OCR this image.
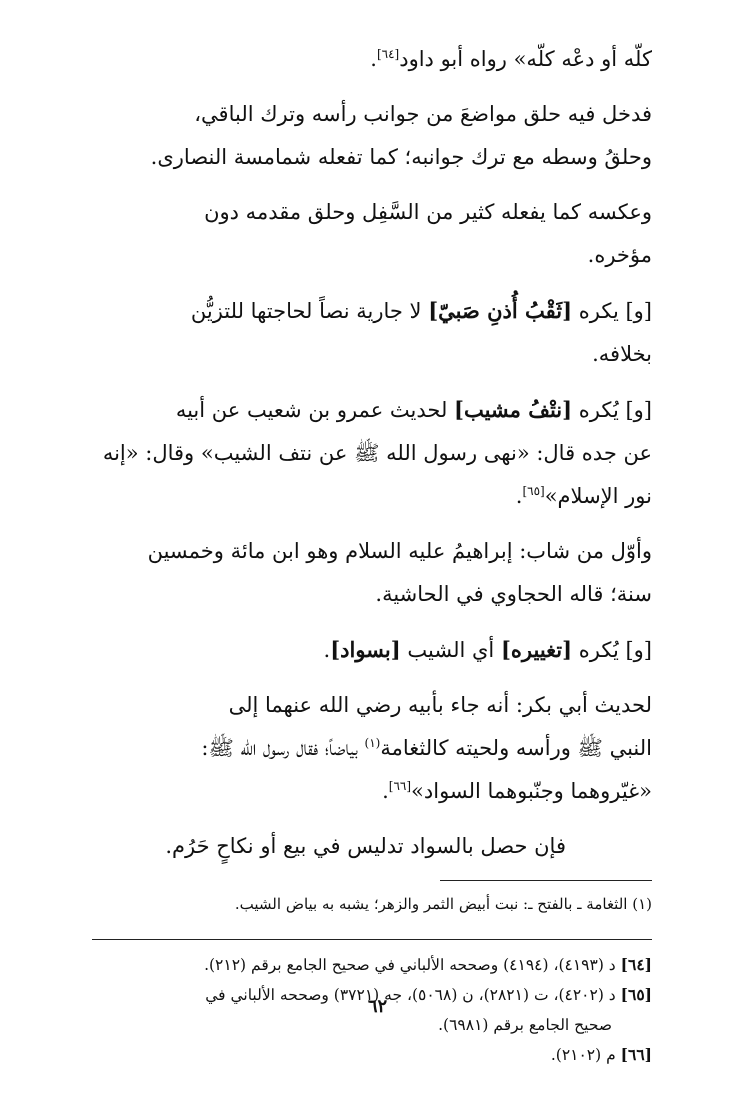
كلّه أو دعْه كلّه» رواه أبو داود[٦٤].

فدخل فيه حلق مواضعَ من جوانب رأسه وترك الباقي،
وحلقُ وسطه مع ترك جوانبه؛ كما تفعله شمامسة النصارى.

وعكسه كما يفعله كثير من السَّفِل وحلق مقدمه دون
مؤخره.

[و] يكره [ثَقْبُ أُذنِ صَبيّ] لا جارية نصاً لحاجتها للتزيُّن
بخلافه.

[و] يُكره [نتْفُ مشيب] لحديث عمرو بن شعيب عن أبيه
عن جده قال: «نهى رسول الله ﷺ عن نتف الشيب» وقال: «إنه
نور الإسلام»[٦٥].

وأوّل من شاب: إبراهيمُ عليه السلام وهو ابن مائة وخمسين
سنة؛ قاله الحجاوي في الحاشية.

[و] يُكره [تغييره] أي الشيب [بسواد].

لحديث أبي بكر: أنه جاء بأبيه رضي الله عنهما إلى
النبي ﷺ ورأسه ولحيته كالثغامة$^{(١)}$ بياضاً؛ فقال رسول الله ﷺ:
«غيّروهما وجنّبوهما السواد»[٦٦].

فإن حصل بالسواد تدليس في بيع أو نكاحٍ حَرُم.

(١) الثغامة ـ بالفتح ـ: نبت أبيض الثمر والزهر؛ يشبه به بياض الشيب.

[٦٤] د (٤١٩٣)، (٤١٩٤) وصححه الألباني في صحيح الجامع برقم (٢١٢).

[٦٥] د (٤٢٠٢)، ت (٢٨٢١)، ن (٥٠٦٨)، جه (٣٧٢١) وصححه الألباني في
صحيح الجامع برقم (٦٩٨١).

[٦٦] م (٢١٠٢).

٦٢
